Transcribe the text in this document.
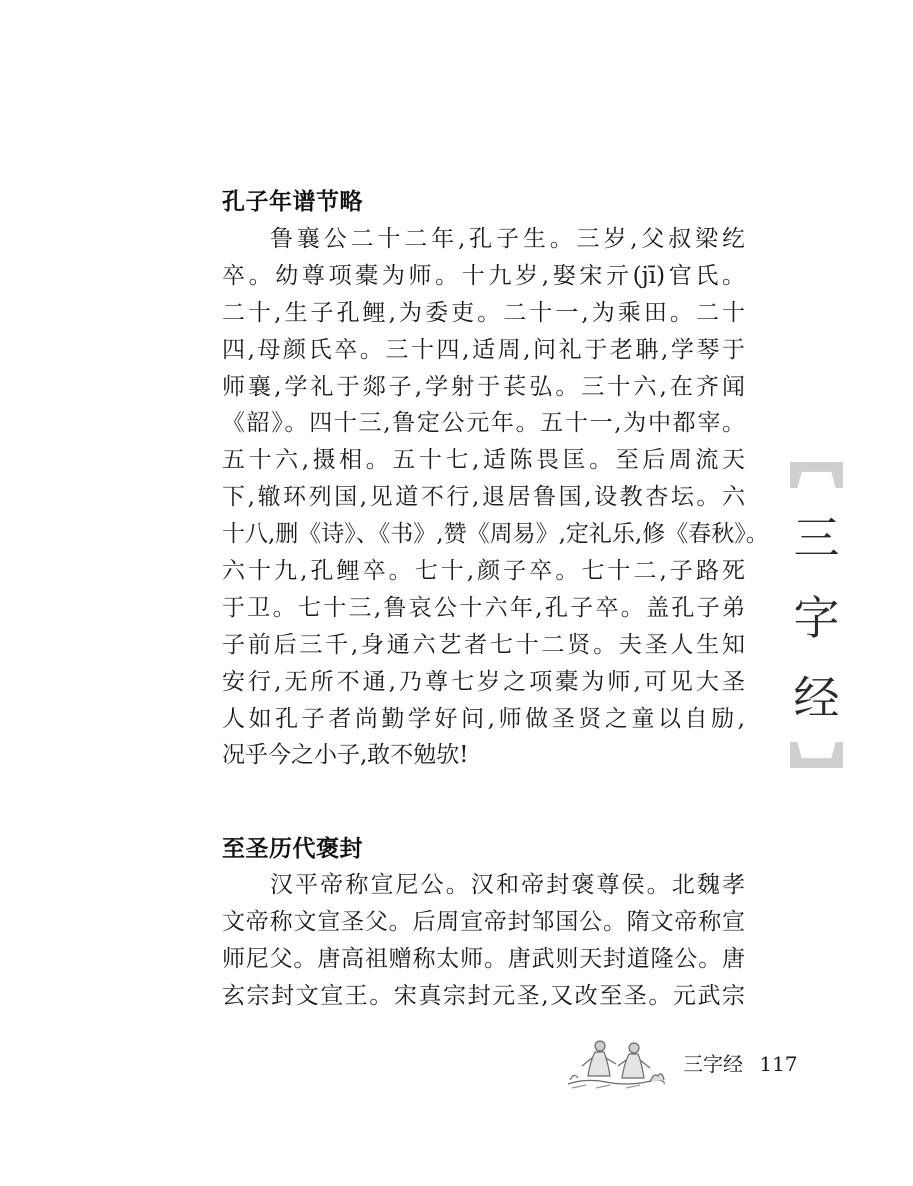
孔子年谱节略
鲁襄公二十二年,孔子生。三岁,父叔梁纥
卒。幼尊项橐为师。十九岁,娶宋亓(jī)官氏。
二十,生子孔鲤,为委吏。二十一,为乘田。二十
四,母颜氏卒。三十四,适周,问礼于老聃,学琴于
师襄,学礼于郯子,学射于苌弘。三十六,在齐闻
《韶》。四十三,鲁定公元年。五十一,为中都宰。
五十六,摄相。五十七,适陈畏匡。至后周流天
下,辙环列国,见道不行,退居鲁国,设教杏坛。六
十八,删《诗》、《书》,赞《周易》,定礼乐,修《春秋》。
六十九,孔鲤卒。七十,颜子卒。七十二,子路死
于卫。七十三,鲁哀公十六年,孔子卒。盖孔子弟
子前后三千,身通六艺者七十二贤。夫圣人生知
安行,无所不通,乃尊七岁之项橐为师,可见大圣
人如孔子者尚勤学好问,师做圣贤之童以自励,
况乎今之小子,敢不勉欤!
至圣历代褒封
汉平帝称宣尼公。汉和帝封褒尊侯。北魏孝
文帝称文宣圣父。后周宣帝封邹国公。隋文帝称宣
师尼父。唐高祖赠称太师。唐武则天封道隆公。唐
玄宗封文宣王。宋真宗封元圣,又改至圣。元武宗
三
字
经
三字经 117
